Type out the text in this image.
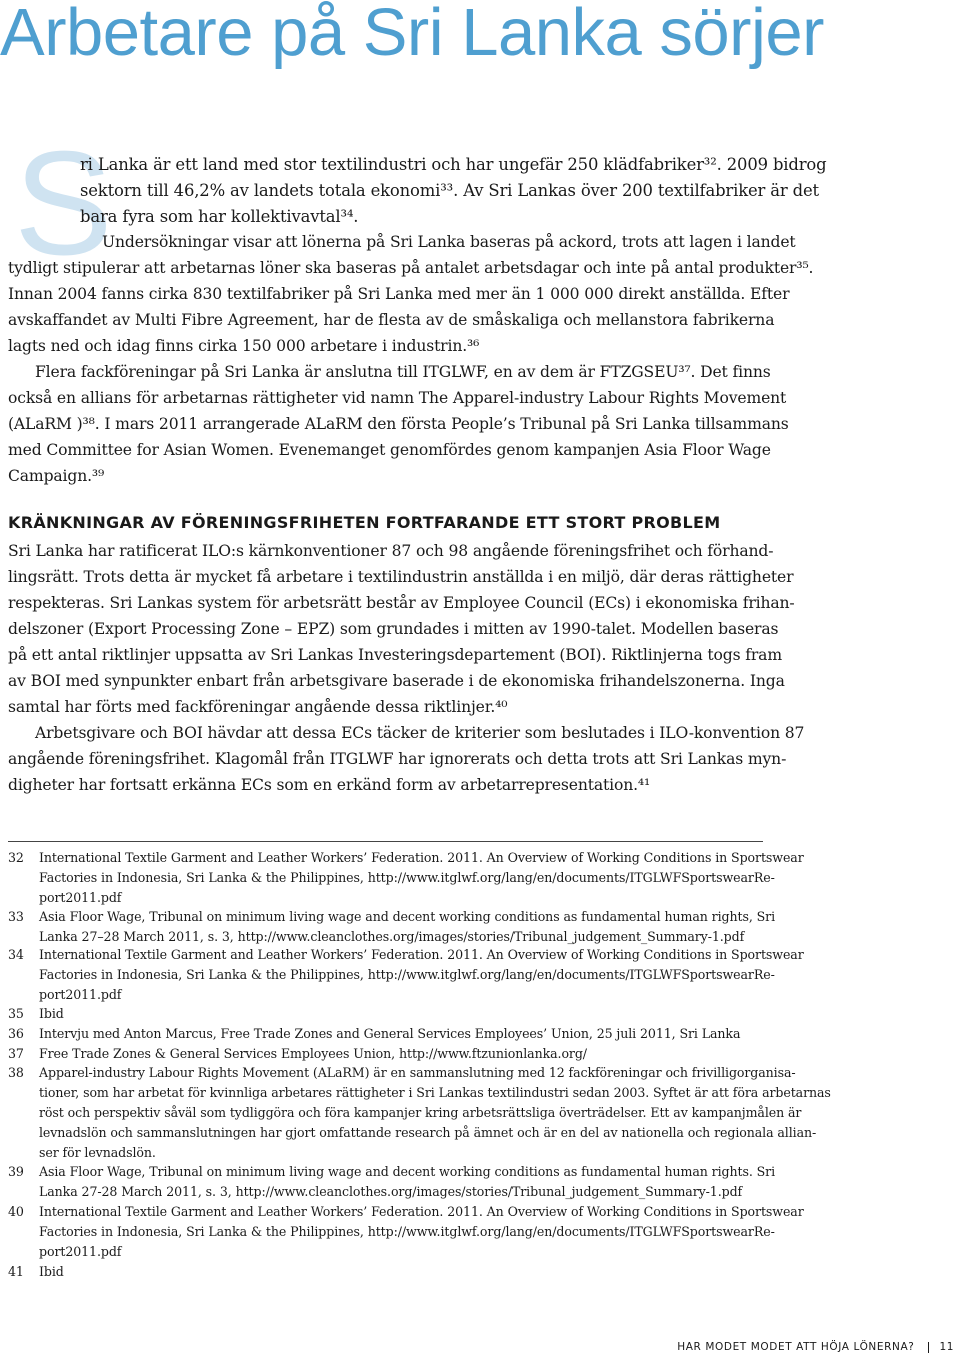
Arbetare på Sri Lanka sörjer
S
ri Lanka är ett land med stor textilindustri och har ungefär 250 klädfabriker³². 2009 bidrog
sektorn till 46,2% av landets totala ekonomi³³. Av Sri Lankas över 200 textilfabriker är det
bara fyra som har kollektivavtal³⁴.
Undersökningar visar att lönerna på Sri Lanka baseras på ackord, trots att lagen i landet
tydligt stipulerar att arbetarnas löner ska baseras på antalet arbetsdagar och inte på antal produkter³⁵.
Innan 2004 fanns cirka 830 textilfabriker på Sri Lanka med mer än 1 000 000 direkt anställda. Efter
avskaffandet av Multi Fibre Agreement, har de flesta av de småskaliga och mellanstora fabrikerna
lagts ned och idag finns cirka 150 000 arbetare i industrin.³⁶
Flera fackföreningar på Sri Lanka är anslutna till ITGLWF, en av dem är FTZGSEU³⁷. Det finns
också en allians för arbetarnas rättigheter vid namn The Apparel-industry Labour Rights Movement
(ALaRM )³⁸. I mars 2011 arrangerade ALaRM den första People’s Tribunal på Sri Lanka tillsammans
med Committee for Asian Women. Evenemanget genomfördes genom kampanjen Asia Floor Wage
Campaign.³⁹
KRÄNKNINGAR AV FÖRENINGSFRIHETEN FORTFARANDE ETT STORT PROBLEM
Sri Lanka har ratificerat ILO:s kärnkonventioner 87 och 98 angående föreningsfrihet och förhand-
lingsrätt. Trots detta är mycket få arbetare i textilindustrin anställda i en miljö, där deras rättigheter
respekteras. Sri Lankas system för arbetsrätt består av Employee Council (ECs) i ekonomiska frihan-
delszoner (Export Processing Zone – EPZ) som grundades i mitten av 1990-talet. Modellen baseras
på ett antal riktlinjer uppsatta av Sri Lankas Investeringsdepartement (BOI). Riktlinjerna togs fram
av BOI med synpunkter enbart från arbetsgivare baserade i de ekonomiska frihandelszonerna. Inga
samtal har förts med fackföreningar angående dessa riktlinjer.⁴⁰
Arbetsgivare och BOI hävdar att dessa ECs täcker de kriterier som beslutades i ILO-konvention 87
angående föreningsfrihet. Klagomål från ITGLWF har ignorerats och detta trots att Sri Lankas myn-
digheter har fortsatt erkänna ECs som en erkänd form av arbetarrepresentation.⁴¹
32 International Textile Garment and Leather Workers’ Federation. 2011. An Overview of Working Conditions in Sportswear
Factories in Indonesia, Sri Lanka & the Philippines, http://www.itglwf.org/lang/en/documents/ITGLWFSportswearRe-
port2011.pdf
33 Asia Floor Wage, Tribunal on minimum living wage and decent working conditions as fundamental human rights, Sri
Lanka 27–28 March 2011, s. 3, http://www.cleanclothes.org/images/stories/Tribunal_judgement_Summary-1.pdf
34 International Textile Garment and Leather Workers’ Federation. 2011. An Overview of Working Conditions in Sportswear
Factories in Indonesia, Sri Lanka & the Philippines, http://www.itglwf.org/lang/en/documents/ITGLWFSportswearRe-
port2011.pdf
35 Ibid
36 Intervju med Anton Marcus, Free Trade Zones and General Services Employees’ Union, 25 juli 2011, Sri Lanka
37 Free Trade Zones & General Services Employees Union, http://www.ftzunionlanka.org/
38 Apparel-industry Labour Rights Movement (ALaRM) är en sammanslutning med 12 fackföreningar och frivilligorganisa-
tioner, som har arbetat för kvinnliga arbetares rättigheter i Sri Lankas textilindustri sedan 2003. Syftet är att föra arbetarnas
röst och perspektiv såväl som tydliggöra och föra kampanjer kring arbetsrättsliga överträdelser. Ett av kampanjmålen är
levnadslön och sammanslutningen har gjort omfattande research på ämnet och är en del av nationella och regionala allian-
ser för levnadslön.
39 Asia Floor Wage, Tribunal on minimum living wage and decent working conditions as fundamental human rights. Sri
Lanka 27-28 March 2011, s. 3, http://www.cleanclothes.org/images/stories/Tribunal_judgement_Summary-1.pdf
40 International Textile Garment and Leather Workers’ Federation. 2011. An Overview of Working Conditions in Sportswear
Factories in Indonesia, Sri Lanka & the Philippines, http://www.itglwf.org/lang/en/documents/ITGLWFSportswearRe-
port2011.pdf
41 Ibid
HAR MODET MODET ATT HÖJA LÖNERNA? 11
